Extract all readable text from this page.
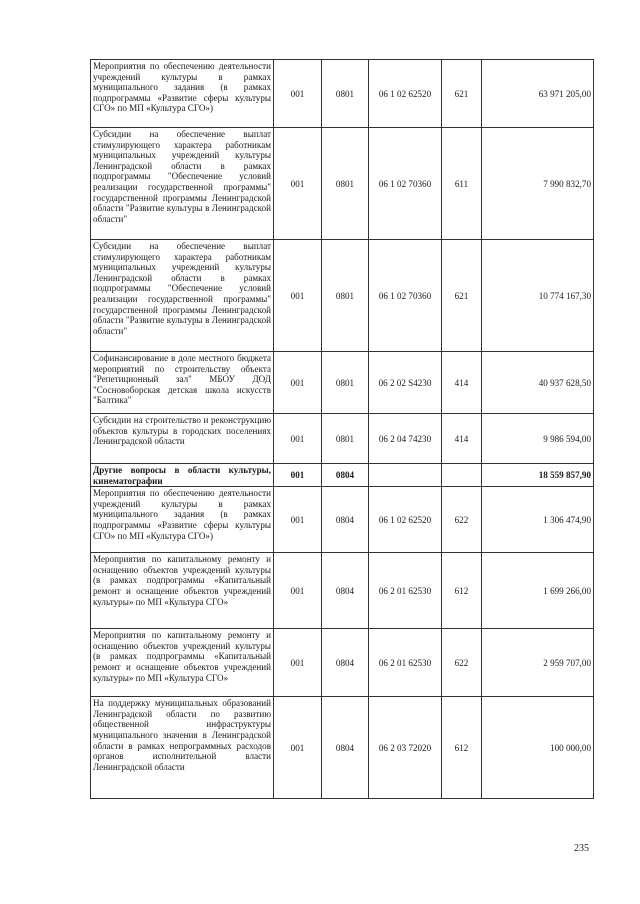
Мероприятия по обеспечению деятельности учреждений культуры в рамках муниципального задания (в рамках подпрограммы «Развитие сферы культуры СГО» по МП «Культура СГО»)	001	0801	06 1 02 62520	621	63 971 205,00
Субсидии на обеспечение выплат стимулирующего характера работникам муниципальных учреждений культуры Ленинградской области в рамках подпрограммы "Обеспечение условий реализации государственной программы" государственной программы Ленинградской области "Развитие культуры в Ленинградской области"	001	0801	06 1 02 70360	611	7 990 832,70
Субсидии на обеспечение выплат стимулирующего характера работникам муниципальных учреждений культуры Ленинградской области в рамках подпрограммы "Обеспечение условий реализации государственной программы" государственной программы Ленинградской области "Развитие культуры в Ленинградской области"	001	0801	06 1 02 70360	621	10 774 167,30
Софинансирование в доле местного бюджета мероприятий по строительству объекта "Репетиционный зал" МБОУ ДОД "Сосновоборская детская школа искусств "Балтика"	001	0801	06 2 02 S4230	414	40 937 628,50
Субсидии на строительство и реконструкцию объектов культуры в городских поселениях Ленинградской области	001	0801	06 2 04 74230	414	9 986 594,00
Другие вопросы в области культуры, кинематографии	001	0804			18 559 857,90
Мероприятия по обеспечению деятельности учреждений культуры в рамках муниципального задания (в рамках подпрограммы «Развитие сферы культуры СГО» по МП «Культура СГО»)	001	0804	06 1 02 62520	622	1 306 474,90
Мероприятия по капитальному ремонту и оснащению объектов учреждений культуры (в рамках подпрограммы «Капитальный ремонт и оснащение объектов учреждений культуры» по МП «Культура СГО»	001	0804	06 2 01 62530	612	1 699 266,00
Мероприятия по капитальному ремонту и оснащению объектов учреждений культуры (в рамках подпрограммы «Капитальный ремонт и оснащение объектов учреждений культуры» по МП «Культура СГО»	001	0804	06 2 01 62530	622	2 959 707,00
На поддержку муниципальных образований Ленинградской области по развитию общественной инфраструктуры муниципального значения в Ленинградской области в рамках непрограммных расходов органов исполнительной власти Ленинградской области	001	0804	06 2 03 72020	612	100 000,00
235
